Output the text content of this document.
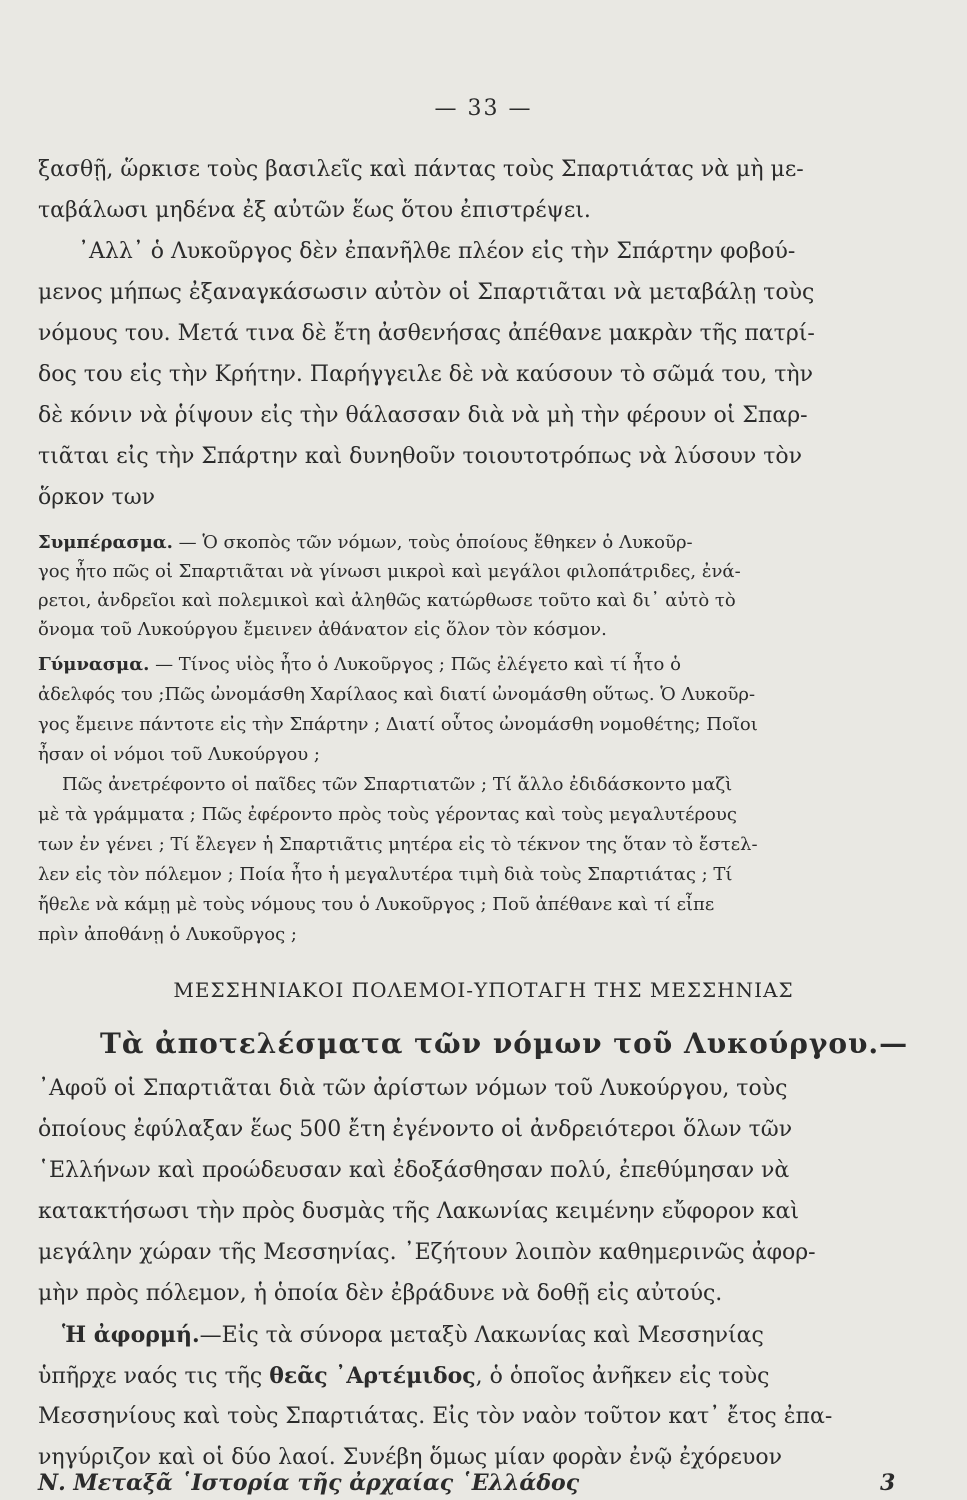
— 33 —
ξασθῇ, ὥρκισε τοὺς βασιλεῖς καὶ πάντας τοὺς Σπαρτιάτας νὰ μὴ με-
ταβάλωσι μηδένα ἐξ αὐτῶν ἕως ὅτου ἐπιστρέψει.
᾿Αλλ᾿ ὁ Λυκοῦργος δὲν ἐπανῆλθε πλέον εἰς τὴν Σπάρτην φοβού-
μενος μήπως ἐξαναγκάσωσιν αὐτὸν οἱ Σπαρτιᾶται νὰ μεταβάλῃ τοὺς
νόμους του. Μετά τινα δὲ ἔτη ἀσθενήσας ἀπέθανε μακρὰν τῆς πατρί-
δος του εἰς τὴν Κρήτην. Παρήγγειλε δὲ νὰ καύσουν τὸ σῶμά του, τὴν
δὲ κόνιν νὰ ῥίψουν εἰς τὴν θάλασσαν διὰ νὰ μὴ τὴν φέρουν οἱ Σπαρ-
τιᾶται εἰς τὴν Σπάρτην καὶ δυνηθοῦν τοιουτοτρόπως νὰ λύσουν τὸν
ὅρκον των
Συμπέρασμα. — Ὁ σκοπὸς τῶν νόμων, τοὺς ὁποίους ἔθηκεν ὁ Λυκοῦρ-
γος ἦτο πῶς οἱ Σπαρτιᾶται νὰ γίνωσι μικροὶ καὶ μεγάλοι φιλοπάτριδες, ἐνά-
ρετοι, ἀνδρεῖοι καὶ πολεμικοὶ καὶ ἀληθῶς κατώρθωσε τοῦτο καὶ δι᾿ αὐτὸ τὸ
ὄνομα τοῦ Λυκούργου ἔμεινεν ἀθάνατον εἰς ὅλον τὸν κόσμον.
Γύμνασμα. — Τίνος υἱὸς ἦτο ὁ Λυκοῦργος ; Πῶς ἐλέγετο καὶ τί ἦτο ὁ
ἀδελφός του ;Πῶς ὠνομάσθη Χαρίλαος καὶ διατί ὠνομάσθη οὕτως. Ὁ Λυκοῦρ-
γος ἔμεινε πάντοτε εἰς τὴν Σπάρτην ; Διατί οὗτος ὠνομάσθη νομοθέτης; Ποῖοι
ἦσαν οἱ νόμοι τοῦ Λυκούργου ;
Πῶς ἀνετρέφοντο οἱ παῖδες τῶν Σπαρτιατῶν ; Τί ἄλλο ἐδιδάσκοντο μαζὶ
μὲ τὰ γράμματα ; Πῶς ἐφέροντο πρὸς τοὺς γέροντας καὶ τοὺς μεγαλυτέρους
των ἐν γένει ; Τί ἔλεγεν ἡ Σπαρτιᾶτις μητέρα εἰς τὸ τέκνον της ὅταν τὸ ἔστελ-
λεν εἰς τὸν πόλεμον ; Ποία ἦτο ἡ μεγαλυτέρα τιμὴ διὰ τοὺς Σπαρτιάτας ; Τί
ἤθελε νὰ κάμῃ μὲ τοὺς νόμους του ὁ Λυκοῦργος ; Ποῦ ἀπέθανε καὶ τί εἶπε
πρὶν ἀποθάνῃ ὁ Λυκοῦργος ;
ΜΕΣΣΗΝΙΑΚΟΙ ΠΟΛΕΜΟΙ-ΥΠΟΤΑΓΗ ΤΗΣ ΜΕΣΣΗΝΙΑΣ
Τὰ ἀποτελέσματα τῶν νόμων τοῦ Λυκούργου.—
᾿Αφοῦ οἱ Σπαρτιᾶται διὰ τῶν ἀρίστων νόμων τοῦ Λυκούργου, τοὺς
ὁποίους ἐφύλαξαν ἕως 500 ἔτη ἐγένοντο οἱ ἀνδρειότεροι ὅλων τῶν
῾Ελλήνων καὶ προώδευσαν καὶ ἐδοξάσθησαν πολύ, ἐπεθύμησαν νὰ
κατακτήσωσι τὴν πρὸς δυσμὰς τῆς Λακωνίας κειμένην εὔφορον καὶ
μεγάλην χώραν τῆς Μεσσηνίας. ᾿Εζήτουν λοιπὸν καθημερινῶς ἀφορ-
μὴν πρὸς πόλεμον, ἡ ὁποία δὲν ἐβράδυνε νὰ δοθῇ εἰς αὐτούς.
Ἡ ἀφορμή.—Εἰς τὰ σύνορα μεταξὺ Λακωνίας καὶ Μεσσηνίας
ὑπῆρχε ναός τις τῆς θεᾶς ᾿Αρτέμιδος, ὁ ὁποῖος ἀνῆκεν εἰς τοὺς
Μεσσηνίους καὶ τοὺς Σπαρτιάτας. Εἰς τὸν ναὸν τοῦτον κατ᾿ ἔτος ἐπα-
νηγύριζον καὶ οἱ δύο λαοί. Συνέβη ὅμως μίαν φορὰν ἐνῷ ἐχόρευον
Ν. Μεταξᾶ ῾Ιστορία τῆς ἀρχαίας ῾Ελλάδος	3
